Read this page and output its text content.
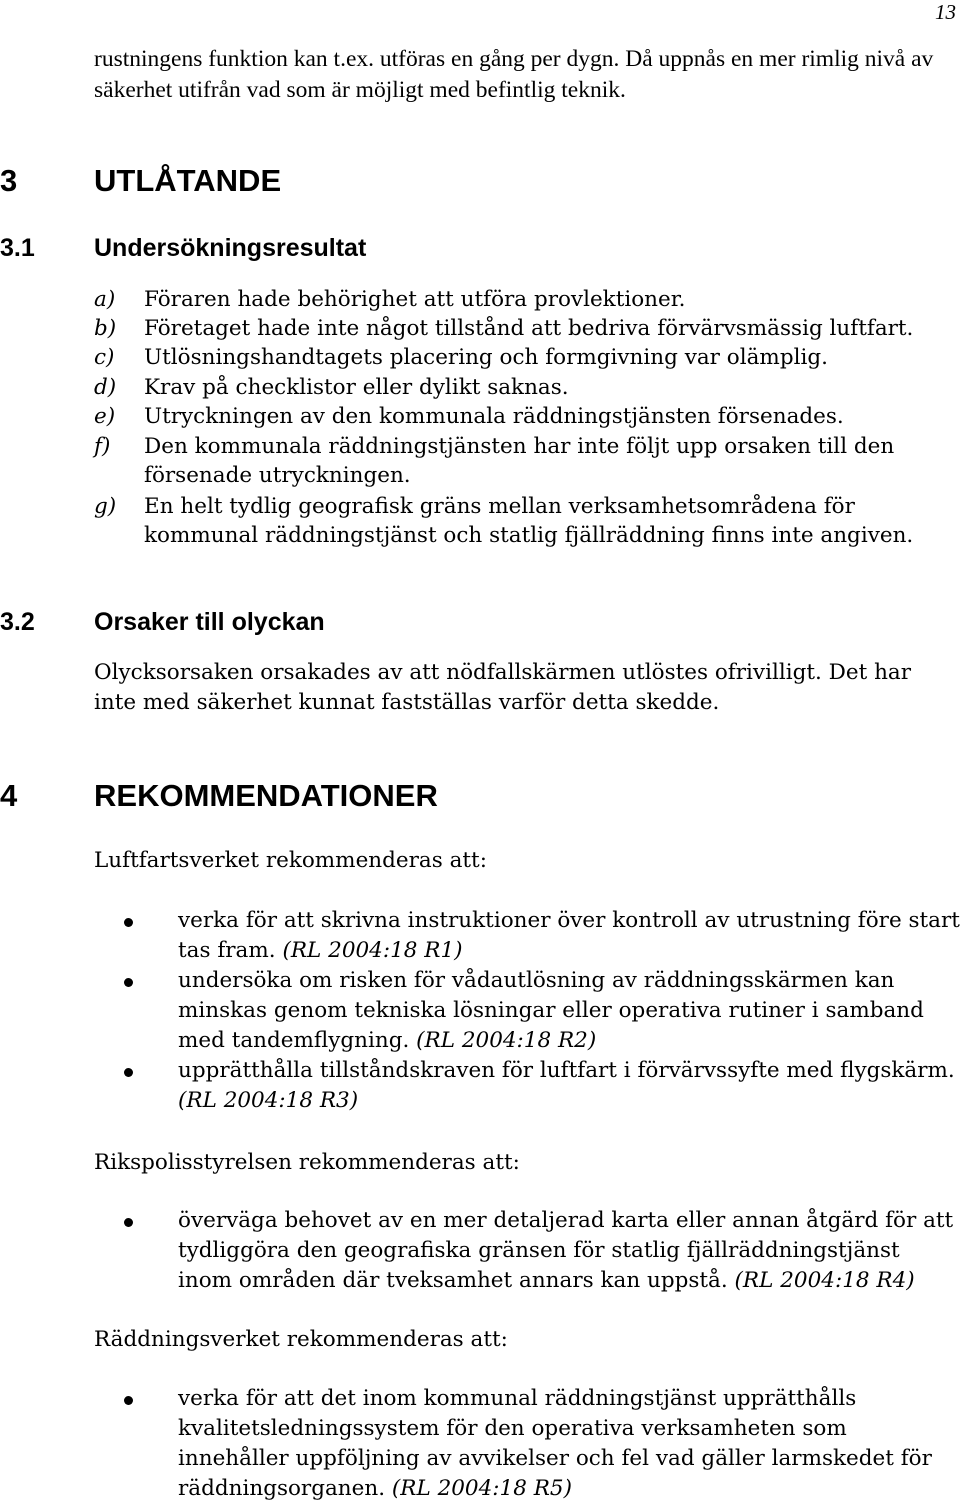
13

rustningens funktion kan t.ex. utföras en gång per dygn. Då uppnås en mer rimlig nivå av säkerhet utifrån vad som är möjligt med befintlig teknik.

3 UTLÅTANDE
3.1 Undersökningsresultat
a) Föraren hade behörighet att utföra provlektioner.
b) Företaget hade inte något tillstånd att bedriva förvärvsmässig luftfart.
c) Utlösningshandtagets placering och formgivning var olämplig.
d) Krav på checklistor eller dylikt saknas.
e) Utryckningen av den kommunala räddningstjänsten försenades.
f) Den kommunala räddningstjänsten har inte följt upp orsaken till den försenade utryckningen.
g) En helt tydlig geografisk gräns mellan verksamhetsområdena för kommunal räddningstjänst och statlig fjällräddning finns inte angiven.
3.2 Orsaker till olyckan

Olycksorsaken orsakades av att nödfallskärmen utlöstes ofrivilligt. Det har inte med säkerhet kunnat fastställas varför detta skedde.

4 REKOMMENDATIONER

Luftfartsverket rekommenderas att:

verka för att skrivna instruktioner över kontroll av utrustning före start tas fram. (RL 2004:18 R1)
undersöka om risken för vådautlösning av räddningsskärmen kan minskas genom tekniska lösningar eller operativa rutiner i samband med tandemflygning. (RL 2004:18 R2)
upprätthålla tillståndskraven för luftfart i förvärvssyfte med flygskärm. (RL 2004:18 R3)

Rikspolisstyrelsen rekommenderas att:

överväga behovet av en mer detaljerad karta eller annan åtgärd för att tydliggöra den geografiska gränsen för statlig fjällräddningstjänst inom områden där tveksamhet annars kan uppstå. (RL 2004:18 R4)

Räddningsverket rekommenderas att:

verka för att det inom kommunal räddningstjänst upprätthålls kvalitetsledningssystem för den operativa verksamheten som innehåller uppföljning av avvikelser och fel vad gäller larmskedet för räddningsorganen. (RL 2004:18 R5)
